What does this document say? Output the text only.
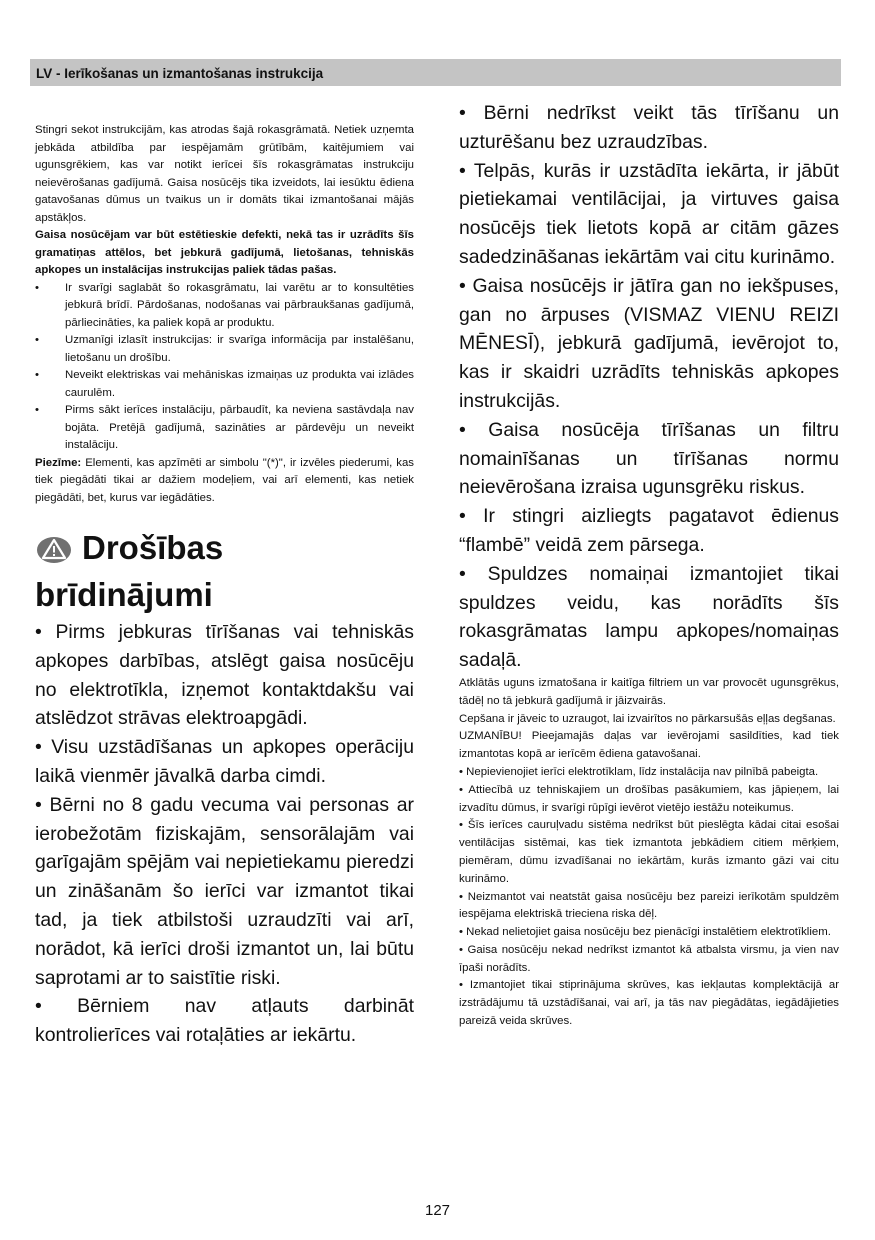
LV - Ierīkošanas un izmantošanas instrukcija

Stingri sekot instrukcijām, kas atrodas šajā rokasgrāmatā. Netiek uzņemta jebkāda atbildība par iespējamām grūtībām, kaitējumiem vai ugunsgrēkiem, kas var notikt ierīcei šīs rokasgrāmatas instrukciju neievērošanas gadījumā. Gaisa nosūcējs tika izveidots, lai iesūktu ēdiena gatavošanas dūmus un tvaikus un ir domāts tikai izmantošanai mājās apstākļos.

Gaisa nosūcējam var būt estētieskie defekti, nekā tas ir uzrādīts šīs gramatiņas attēlos, bet jebkurā gadījumā, lietošanas, tehniskās apkopes un instalācijas instrukcijas paliek tādas pašas.

• Ir svarīgi saglabāt šo rokasgrāmatu, lai varētu ar to konsultēties jebkurā brīdī. Pārdošanas, nodošanas vai pārbraukšanas gadījumā, pārliecināties, ka paliek kopā ar produktu.
• Uzmanīgi izlasīt instrukcijas: ir svarīga informācija par instalēšanu, lietošanu un drošību.
• Neveikt elektriskas vai mehāniskas izmaiņas uz produkta vai izlādes caurulēm.
• Pirms sākt ierīces instalāciju, pārbaudīt, ka neviena sastāvdaļa nav bojāta. Pretējā gadījumā, sazināties ar pārdevēju un neveikt instalāciju.

Piezīme: Elementi, kas apzīmēti ar simbolu "(*)", ir izvēles piederumi, kas tiek piegādāti tikai ar dažiem modeļiem, vai arī elementi, kas netiek piegādāti, bet, kurus var iegādāties.

Drošības
brīdinājumi

• Pirms jebkuras tīrīšanas vai tehniskās apkopes darbības, atslēgt gaisa nosūcēju no elektrotīkla, izņemot kontaktdakšu vai atslēdzot strāvas elektroapgādi.

• Visu uzstādīšanas un apkopes operāciju laikā vienmēr jāvalkā darba cimdi.

• Bērni no 8 gadu vecuma vai personas ar ierobežotām fiziskajām, sensorālajām vai garīgajām spējām vai nepietiekamu pieredzi un zināšanām šo ierīci var izmantot tikai tad, ja tiek atbilstoši uzraudzīti vai arī, norādot, kā ierīci droši izmantot un, lai būtu saprotami ar to saistītie riski.

• Bērniem nav atļauts darbināt kontrolierīces vai rotaļāties ar iekārtu.

• Bērni nedrīkst veikt tās tīrīšanu un uzturēšanu bez uzraudzības.

• Telpās, kurās ir uzstādīta iekārta, ir jābūt pietiekamai ventilācijai, ja virtuves gaisa nosūcējs tiek lietots kopā ar citām gāzes sadedzināšanas iekārtām vai citu kurināmo.

• Gaisa nosūcējs ir jātīra gan no iekšpuses, gan no ārpuses (VISMAZ VIENU REIZI MĒNESĪ), jebkurā gadījumā, ievērojot to, kas ir skaidri uzrādīts tehniskās apkopes instrukcijās.

• Gaisa nosūcēja tīrīšanas un filtru nomainīšanas un tīrīšanas normu neievērošana izraisa ugunsgrēku riskus.

• Ir stingri aizliegts pagatavot ēdienus “flambē” veidā zem pārsega.

• Spuldzes nomaiņai izmantojiet tikai spuldzes veidu, kas norādīts šīs rokasgrāmatas lampu apkopes/nomaiņas sadaļā.

Atklātās uguns izmatošana ir kaitīga filtriem un var provocēt ugunsgrēkus, tādēļ no tā jebkurā gadījumā ir jāizvairās.

Cepšana ir jāveic to uzraugot, lai izvairītos no pārkarsušās eļļas degšanas.

UZMANĪBU! Pieejamajās daļas var ievērojami sasildīties, kad tiek izmantotas kopā ar ierīcēm ēdiena gatavošanai.

• Nepievienojiet ierīci elektrotīklam, līdz instalācija nav pilnībā pabeigta.

• Attiecībā uz tehniskajiem un drošības pasākumiem, kas jāpieņem, lai izvadītu dūmus, ir svarīgi rūpīgi ievērot vietējo iestāžu noteikumus.

• Šīs ierīces cauruļvadu sistēma nedrīkst būt pieslēgta kādai citai esošai ventilācijas sistēmai, kas tiek izmantota jebkādiem citiem mērķiem, piemēram, dūmu izvadīšanai no iekārtām, kurās izmanto gāzi vai citu kurināmo.

• Neizmantot vai neatstāt gaisa nosūcēju bez pareizi ierīkotām spuldzēm iespējama elektriskā trieciena riska dēļ.

• Nekad nelietojiet gaisa nosūcēju bez pienācīgi instalētiem elektrotīkliem.

• Gaisa nosūcēju nekad nedrīkst izmantot kā atbalsta virsmu, ja vien nav īpaši norādīts.

• Izmantojiet tikai stiprinājuma skrūves, kas iekļautas komplektācijā ar izstrādājumu tā uzstādīšanai, vai arī, ja tās nav piegādātas, iegādājieties pareizā veida skrūves.

127
